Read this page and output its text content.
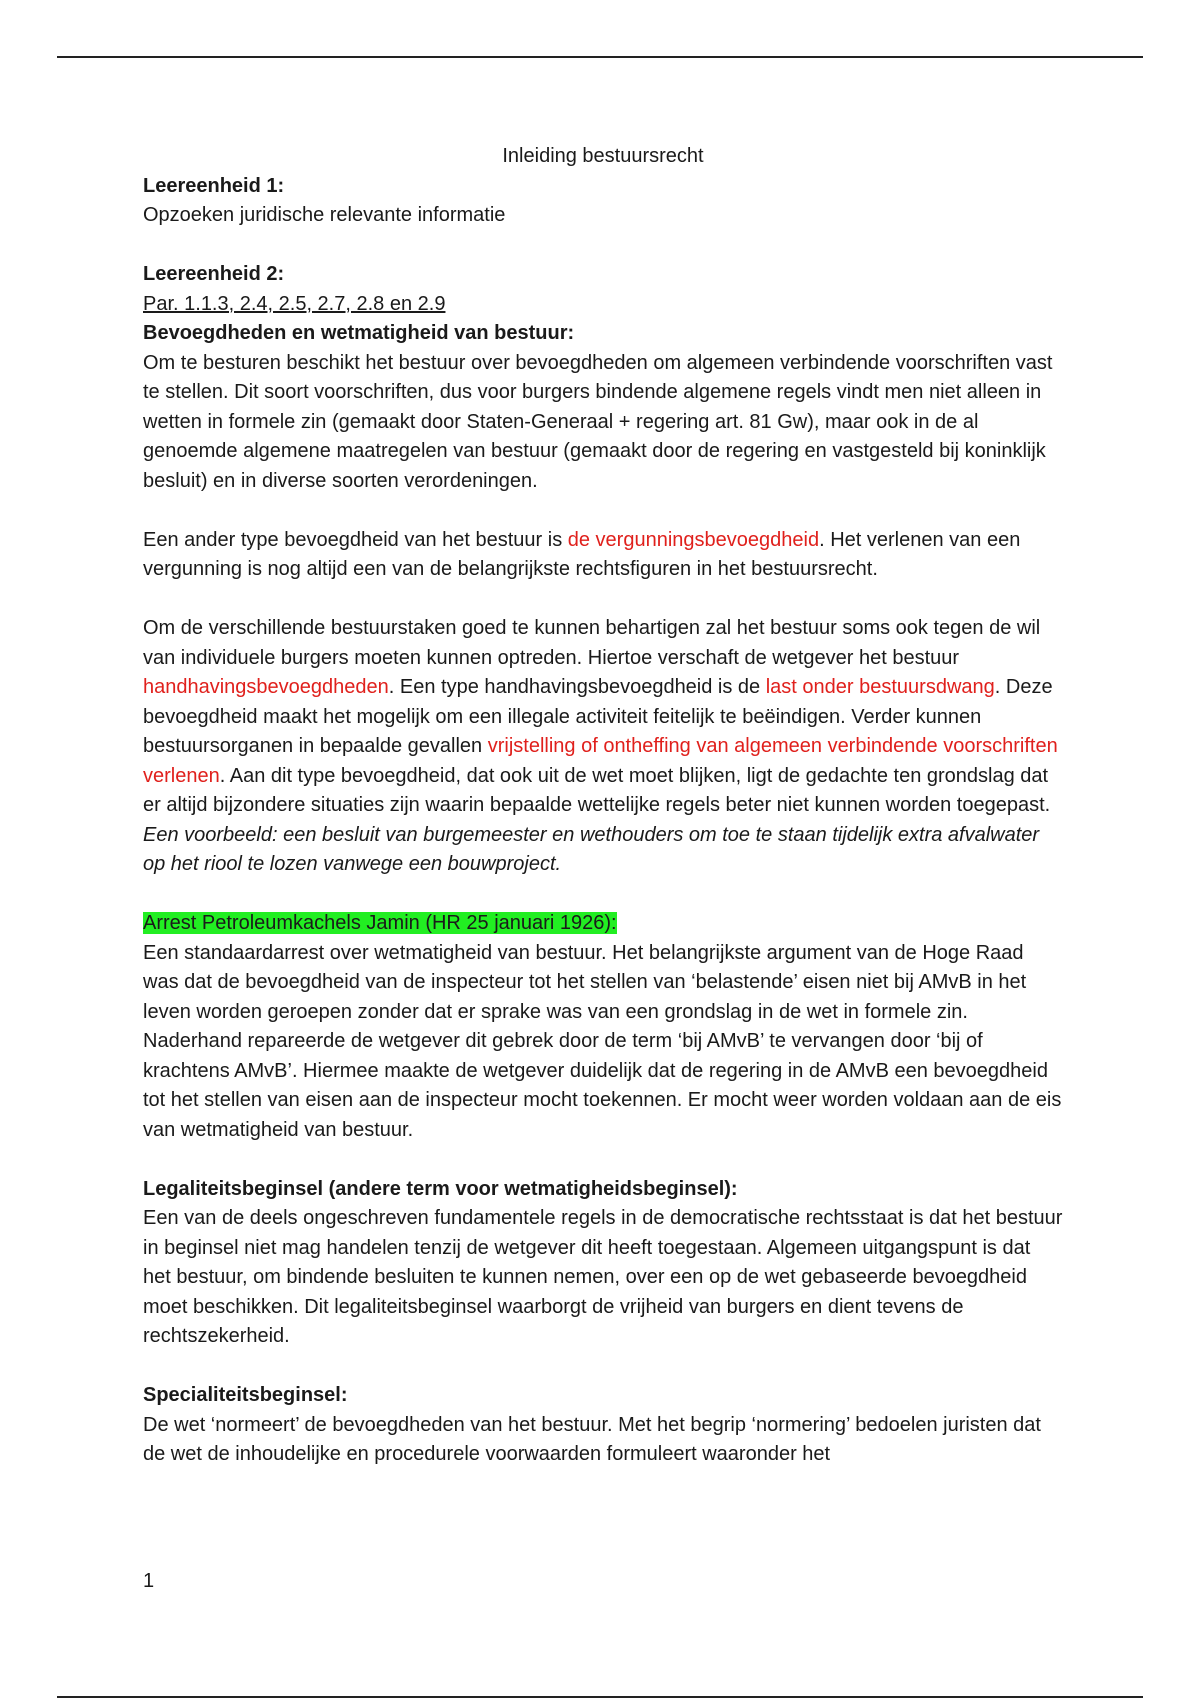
Inleiding bestuursrecht

Leereenheid 1:

Opzoeken juridische relevante informatie

Leereenheid 2:

Par. 1.1.3, 2.4, 2.5, 2.7, 2.8 en 2.9

Bevoegdheden en wetmatigheid van bestuur:

Om te besturen beschikt het bestuur over bevoegdheden om algemeen verbindende voorschriften vast te stellen. Dit soort voorschriften, dus voor burgers bindende algemene regels vindt men niet alleen in wetten in formele zin (gemaakt door Staten-Generaal + regering art. 81 Gw), maar ook in de al genoemde algemene maatregelen van bestuur (gemaakt door de regering en vastgesteld bij koninklijk besluit) en in diverse soorten verordeningen.

Een ander type bevoegdheid van het bestuur is de vergunningsbevoegdheid. Het verlenen van een vergunning is nog altijd een van de belangrijkste rechtsfiguren in het bestuursrecht.

Om de verschillende bestuurstaken goed te kunnen behartigen zal het bestuur soms ook tegen de wil van individuele burgers moeten kunnen optreden. Hiertoe verschaft de wetgever het bestuur handhavingsbevoegdheden. Een type handhavingsbevoegdheid is de last onder bestuursdwang. Deze bevoegdheid maakt het mogelijk om een illegale activiteit feitelijk te beëindigen. Verder kunnen bestuursorganen in bepaalde gevallen vrijstelling of ontheffing van algemeen verbindende voorschriften verlenen. Aan dit type bevoegdheid, dat ook uit de wet moet blijken, ligt de gedachte ten grondslag dat er altijd bijzondere situaties zijn waarin bepaalde wettelijke regels beter niet kunnen worden toegepast. Een voorbeeld: een besluit van burgemeester en wethouders om toe te staan tijdelijk extra afvalwater op het riool te lozen vanwege een bouwproject.

Arrest Petroleumkachels Jamin (HR 25 januari 1926):

Een standaardarrest over wetmatigheid van bestuur. Het belangrijkste argument van de Hoge Raad was dat de bevoegdheid van de inspecteur tot het stellen van ‘belastende’ eisen niet bij AMvB in het leven worden geroepen zonder dat er sprake was van een grondslag in de wet in formele zin. Naderhand repareerde de wetgever dit gebrek door de term ‘bij AMvB’ te vervangen door ‘bij of krachtens AMvB’. Hiermee maakte de wetgever duidelijk dat de regering in de AMvB een bevoegdheid tot het stellen van eisen aan de inspecteur mocht toekennen. Er mocht weer worden voldaan aan de eis van wetmatigheid van bestuur.

Legaliteitsbeginsel (andere term voor wetmatigheidsbeginsel):

Een van de deels ongeschreven fundamentele regels in de democratische rechtsstaat is dat het bestuur in beginsel niet mag handelen tenzij de wetgever dit heeft toegestaan. Algemeen uitgangspunt is dat het bestuur, om bindende besluiten te kunnen nemen, over een op de wet gebaseerde bevoegdheid moet beschikken. Dit legaliteitsbeginsel waarborgt de vrijheid van burgers en dient tevens de rechtszekerheid.

Specialiteitsbeginsel:

De wet ‘normeert’ de bevoegdheden van het bestuur. Met het begrip ‘normering’ bedoelen juristen dat de wet de inhoudelijke en procedurele voorwaarden formuleert waaronder het

1
